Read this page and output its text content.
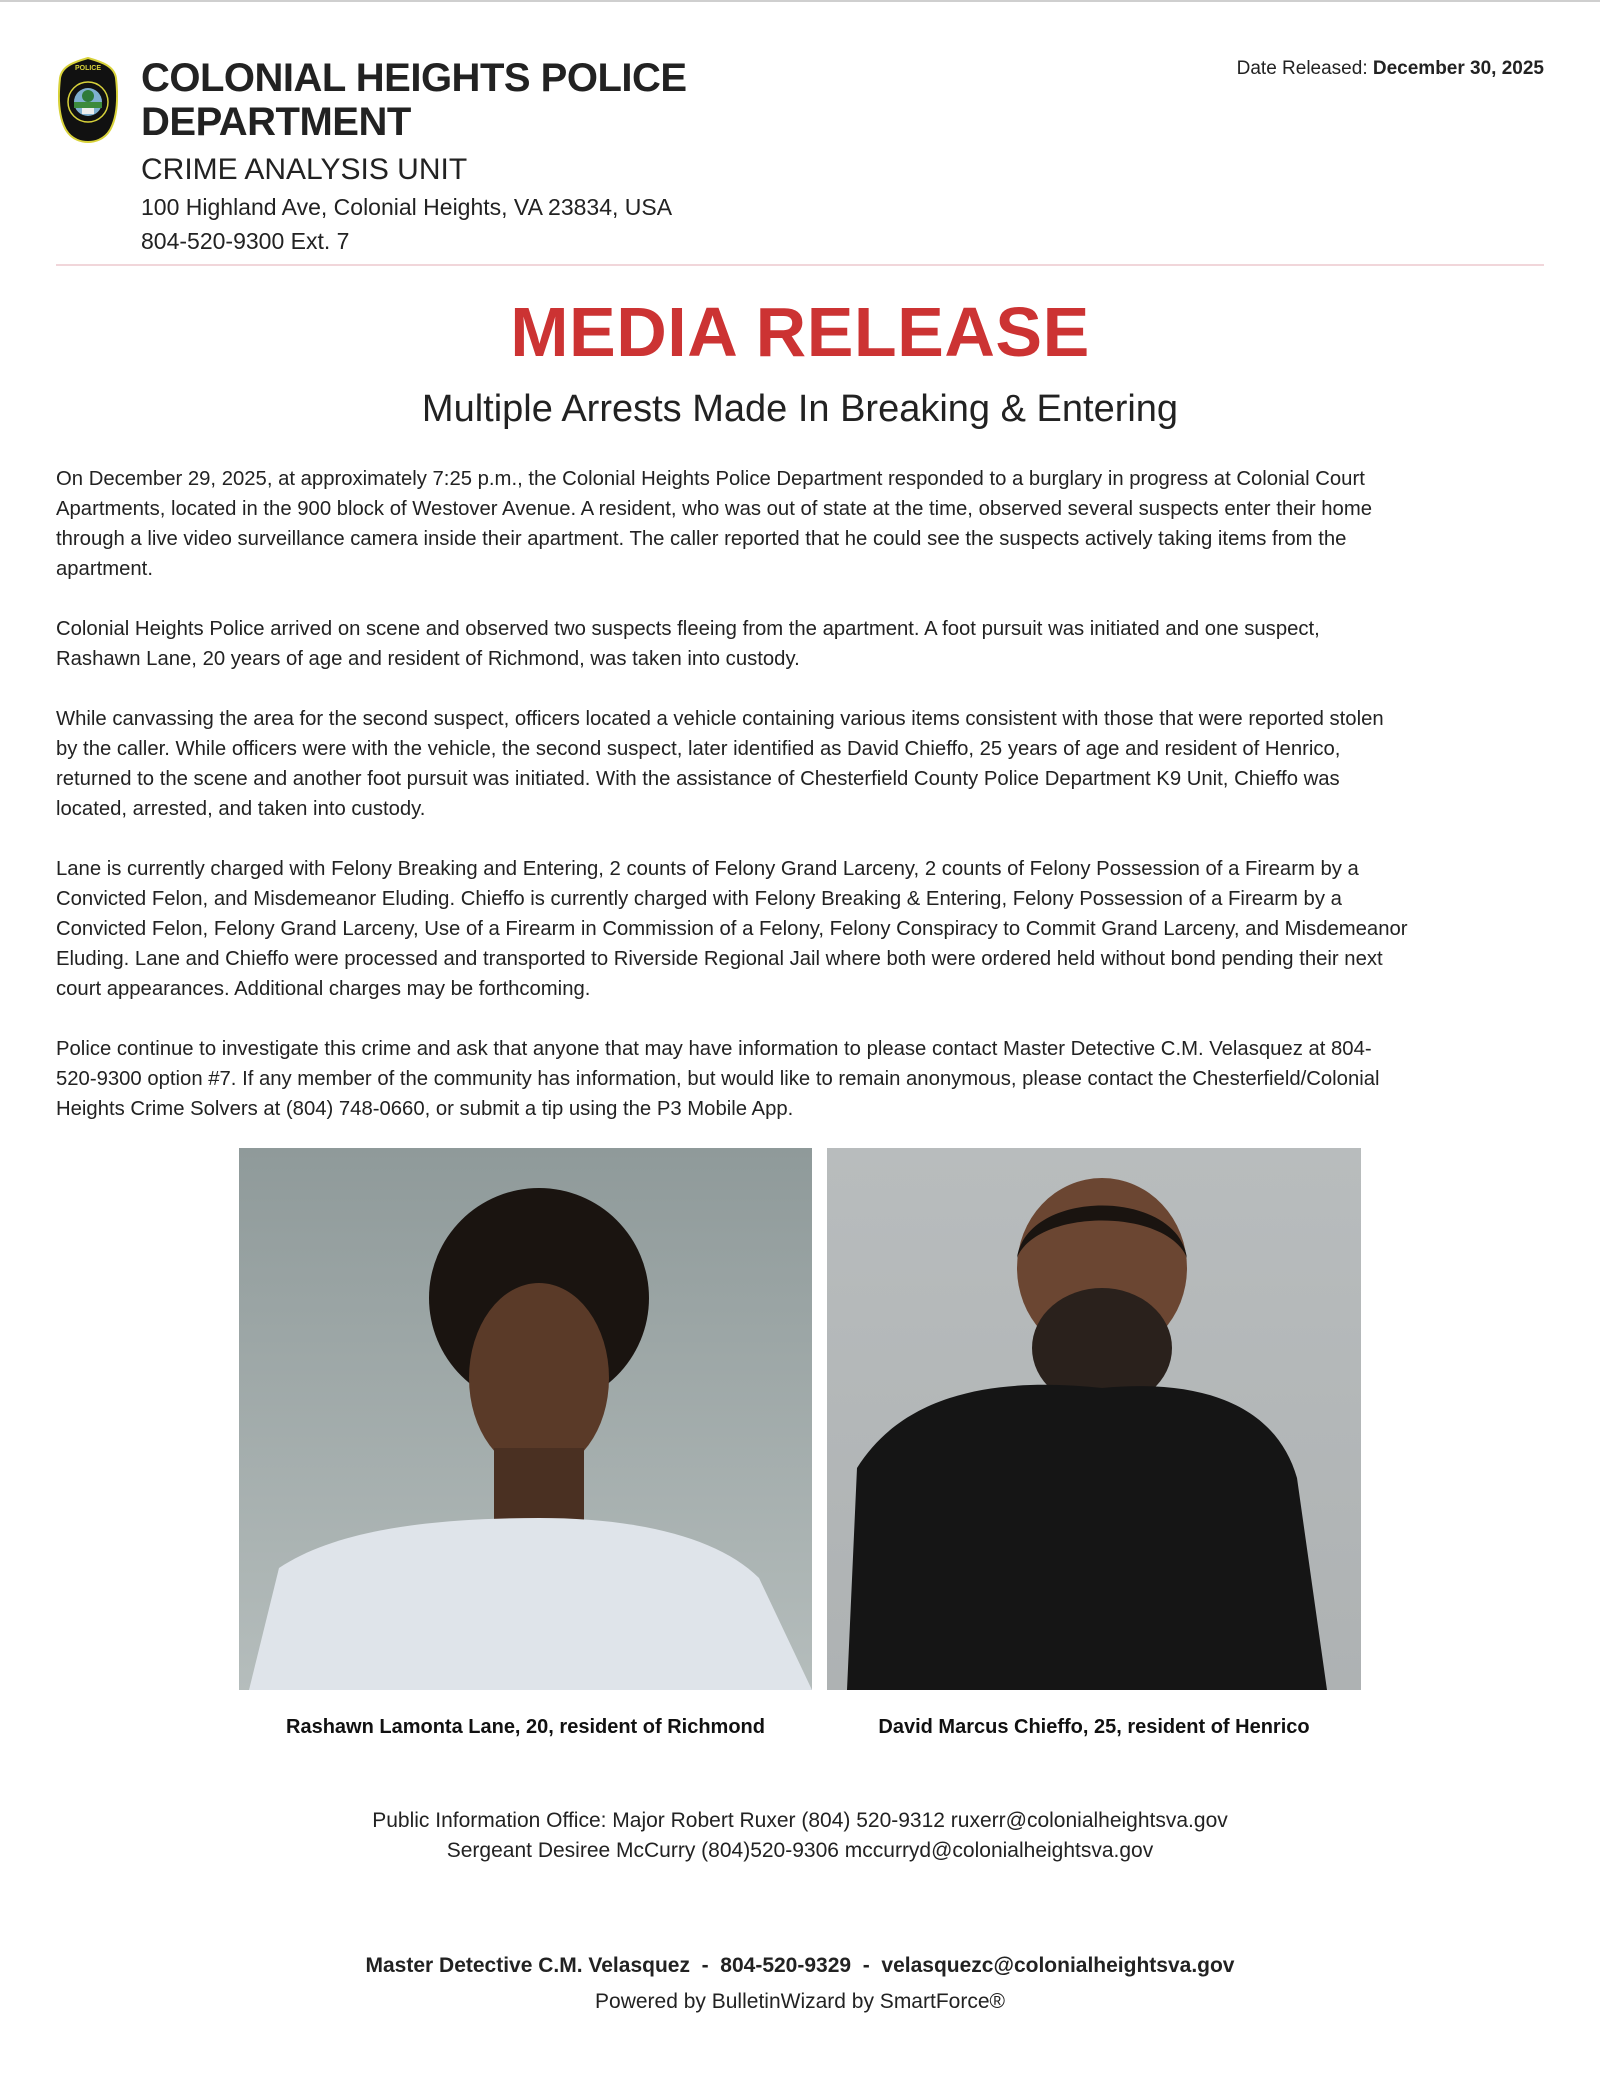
POLICE COLONIAL HEIGHTS POLICE
DEPARTMENT
CRIME ANALYSIS UNIT
100 Highland Ave, Colonial Heights, VA 23834, USA
804-520-9300 Ext. 7
Date Released: December 30, 2025
MEDIA RELEASE
Multiple Arrests Made In Breaking & Entering
On December 29, 2025, at approximately 7:25 p.m., the Colonial Heights Police Department responded to a burglary in progress at Colonial Court
Apartments, located in the 900 block of Westover Avenue. A resident, who was out of state at the time, observed several suspects enter their home
through a live video surveillance camera inside their apartment. The caller reported that he could see the suspects actively taking items from the
apartment.
Colonial Heights Police arrived on scene and observed two suspects fleeing from the apartment. A foot pursuit was initiated and one suspect,
Rashawn Lane, 20 years of age and resident of Richmond, was taken into custody.
While canvassing the area for the second suspect, officers located a vehicle containing various items consistent with those that were reported stolen
by the caller. While officers were with the vehicle, the second suspect, later identified as David Chieffo, 25 years of age and resident of Henrico,
returned to the scene and another foot pursuit was initiated. With the assistance of Chesterfield County Police Department K9 Unit, Chieffo was
located, arrested, and taken into custody.
Lane is currently charged with Felony Breaking and Entering, 2 counts of Felony Grand Larceny, 2 counts of Felony Possession of a Firearm by a
Convicted Felon, and Misdemeanor Eluding. Chieffo is currently charged with Felony Breaking & Entering, Felony Possession of a Firearm by a
Convicted Felon, Felony Grand Larceny, Use of a Firearm in Commission of a Felony, Felony Conspiracy to Commit Grand Larceny, and Misdemeanor
Eluding. Lane and Chieffo were processed and transported to Riverside Regional Jail where both were ordered held without bond pending their next
court appearances. Additional charges may be forthcoming.
Police continue to investigate this crime and ask that anyone that may have information to please contact Master Detective C.M. Velasquez at 804-
520-9300 option #7. If any member of the community has information, but would like to remain anonymous, please contact the Chesterfield/Colonial
Heights Crime Solvers at (804) 748-0660, or submit a tip using the P3 Mobile App.
Rashawn Lamonta Lane, 20, resident of Richmond	David Marcus Chieffo, 25, resident of Henrico
Public Information Office: Major Robert Ruxer (804) 520-9312 ruxerr@colonialheightsva.gov
Sergeant Desiree McCurry (804)520-9306 mccurryd@colonialheightsva.gov
Master Detective C.M. Velasquez  -  804-520-9329  -  velasquezc@colonialheightsva.gov
Powered by BulletinWizard by SmartForce®
